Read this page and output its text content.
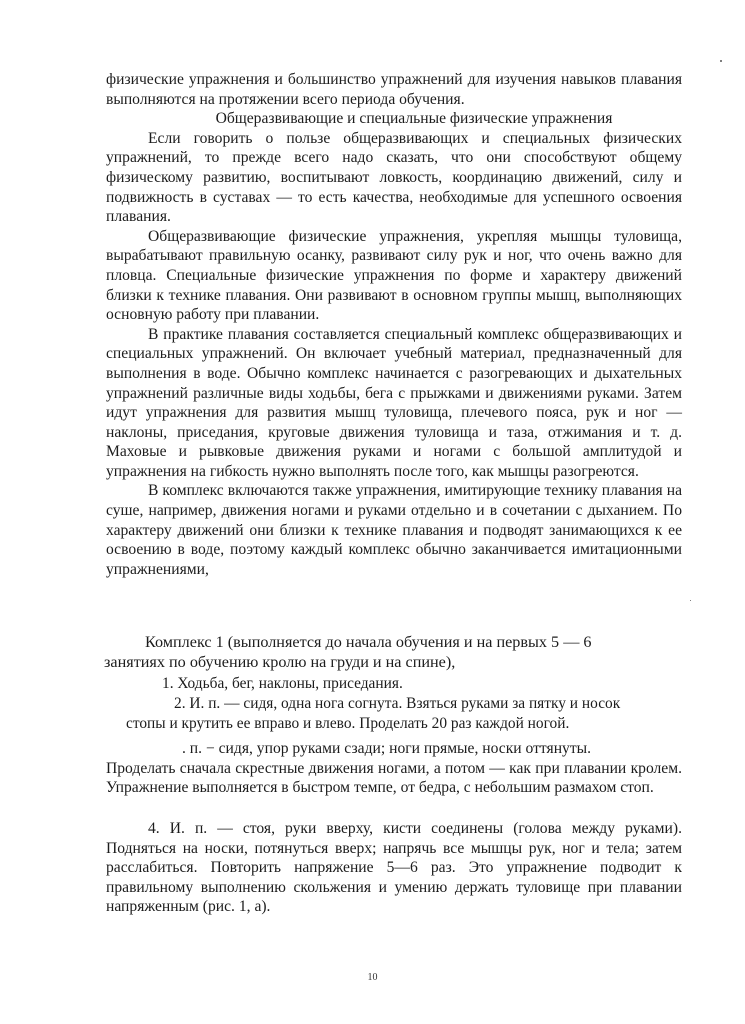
физические упражнения и большинство упражнений для изучения навыков плавания выполняются на протяжении всего периода обучения.

Общеразвивающие и специальные физические упражнения

Если говорить о пользе общеразвивающих и специальных физических упражнений, то прежде всего надо сказать, что они способствуют общему физическому развитию, воспитывают ловкость, координацию движений, силу и подвижность в суставах — то есть качества, необходимые для успешного освоения плавания.

Общеразвивающие физические упражнения, укрепляя мышцы туловища, вырабатывают правильную осанку, развивают силу рук и ног, что очень важно для пловца. Специальные физические упражнения по форме и характеру движений близки к технике плавания. Они развивают в основном группы мышц, выполняющих основную работу при плавании.

В практике плавания составляется специальный комплекс общеразвивающих и специальных упражнений. Он включает учебный материал, предназначенный для выполнения в воде. Обычно комплекс начинается с разогревающих и дыхательных упражнений различные виды ходьбы, бега с прыжками и движениями руками. Затем идут упражнения для развития мышц туловища, плечевого пояса, рук и ног — наклоны, приседания, круговые движения туловища и таза, отжимания и т. д. Маховые и рывковые движения руками и ногами с большой амплитудой и упражнения на гибкость нужно выполнять после того, как мышцы разогреются.

В комплекс включаются также упражнения, имитирующие технику плавания на суше, например, движения ногами и руками отдельно и в сочетании с дыханием. По характеру движений они близки к технике плавания и подводят занимающихся к ее освоению в воде, поэтому каждый комплекс обычно заканчивается имитационными упражнениями,

Комплекс 1 (выполняется до начала обучения и на первых 5 — 6

занятиях по обучению кролю на груди и на спине),

1. Ходьба, бег, наклоны, приседания.

2. И. п. — сидя, одна нога согнута. Взяться руками за пятку и носок

стопы и крутить ее вправо и влево. Проделать 20 раз каждой ногой.

. п. − сидя, упор руками сзади; ноги прямые, носки оттянуты.

Проделать сначала скрестные движения ногами, а потом — как при плавании кролем. Упражнение выполняется в быстром темпе, от бедра, с небольшим размахом стоп.

4. И. п. — стоя, руки вверху, кисти соединены (голова между руками). Подняться на носки, потянуться вверх; напрячь все мышцы рук, ног и тела; затем расслабиться. Повторить напряжение 5—6 раз. Это упражнение подводит к правильному выполнению скольжения и умению держать туловище при плавании напряженным (рис. 1, а).

10
